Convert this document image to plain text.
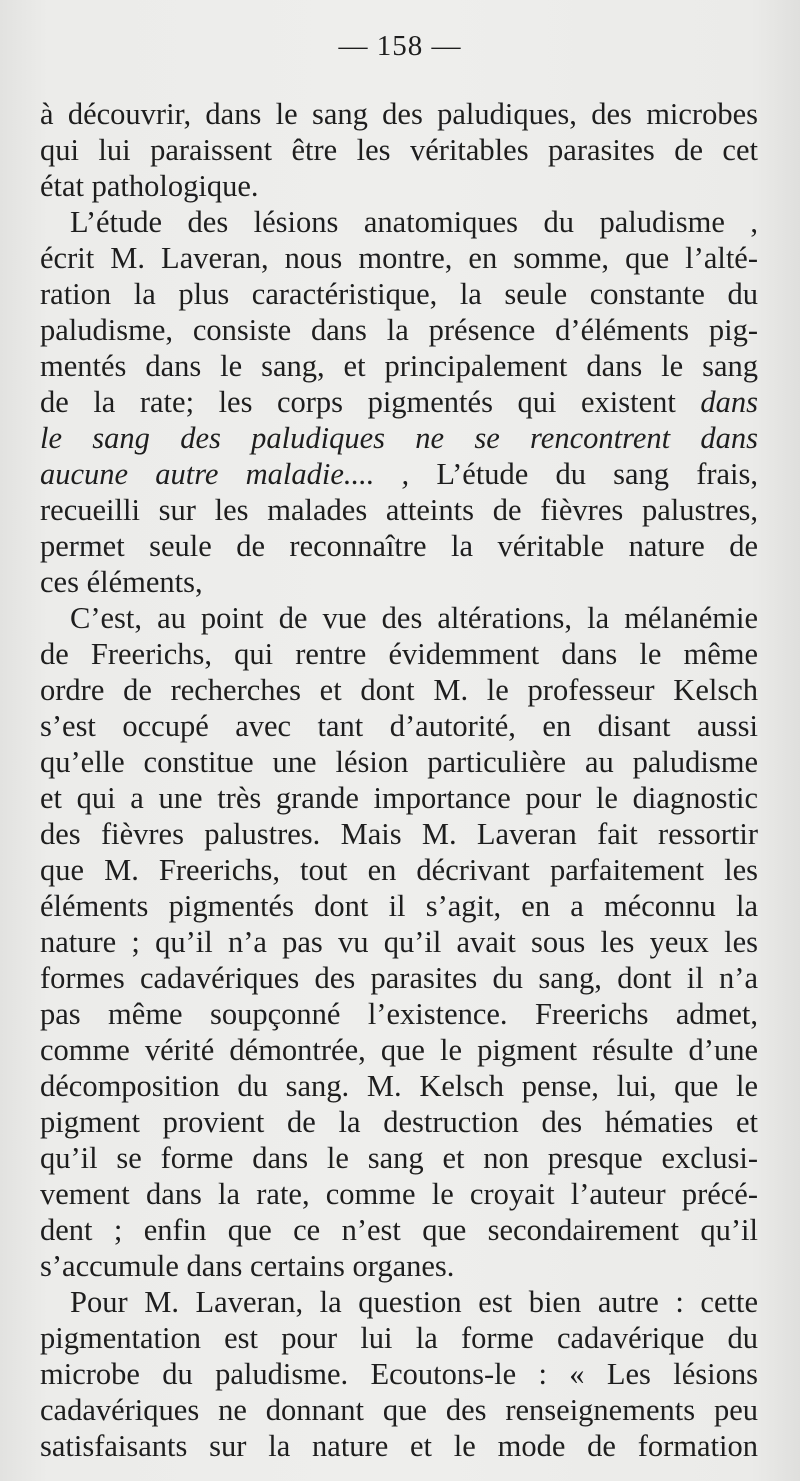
— 158 —
à découvrir, dans le sang des paludiques, des microbes
qui lui paraissent être les véritables parasites de cet
état pathologique.
L’étude des lésions anatomiques du paludisme ,
écrit M. Laveran, nous montre, en somme, que l’alté-
ration la plus caractéristique, la seule constante du
paludisme, consiste dans la présence d’éléments pig-
mentés dans le sang, et principalement dans le sang
de la rate; les corps pigmentés qui existent dans
le sang des paludiques ne se rencontrent dans
aucune autre maladie.... , L’étude du sang frais,
recueilli sur les malades atteints de fièvres palustres,
permet seule de reconnaître la véritable nature de
ces éléments,
C’est, au point de vue des altérations, la mélanémie
de Freerichs, qui rentre évidemment dans le même
ordre de recherches et dont M. le professeur Kelsch
s’est occupé avec tant d’autorité, en disant aussi
qu’elle constitue une lésion particulière au paludisme
et qui a une très grande importance pour le diagnostic
des fièvres palustres. Mais M. Laveran fait ressortir
que M. Freerichs, tout en décrivant parfaitement les
éléments pigmentés dont il s’agit, en a méconnu la
nature ; qu’il n’a pas vu qu’il avait sous les yeux les
formes cadavériques des parasites du sang, dont il n’a
pas même soupçonné l’existence. Freerichs admet,
comme vérité démontrée, que le pigment résulte d’une
décomposition du sang. M. Kelsch pense, lui, que le
pigment provient de la destruction des hématies et
qu’il se forme dans le sang et non presque exclusi-
vement dans la rate, comme le croyait l’auteur précé-
dent ; enfin que ce n’est que secondairement qu’il
s’accumule dans certains organes.
Pour M. Laveran, la question est bien autre : cette
pigmentation est pour lui la forme cadavérique du
microbe du paludisme. Ecoutons-le : « Les lésions
cadavériques ne donnant que des renseignements peu
satisfaisants sur la nature et le mode de formation
